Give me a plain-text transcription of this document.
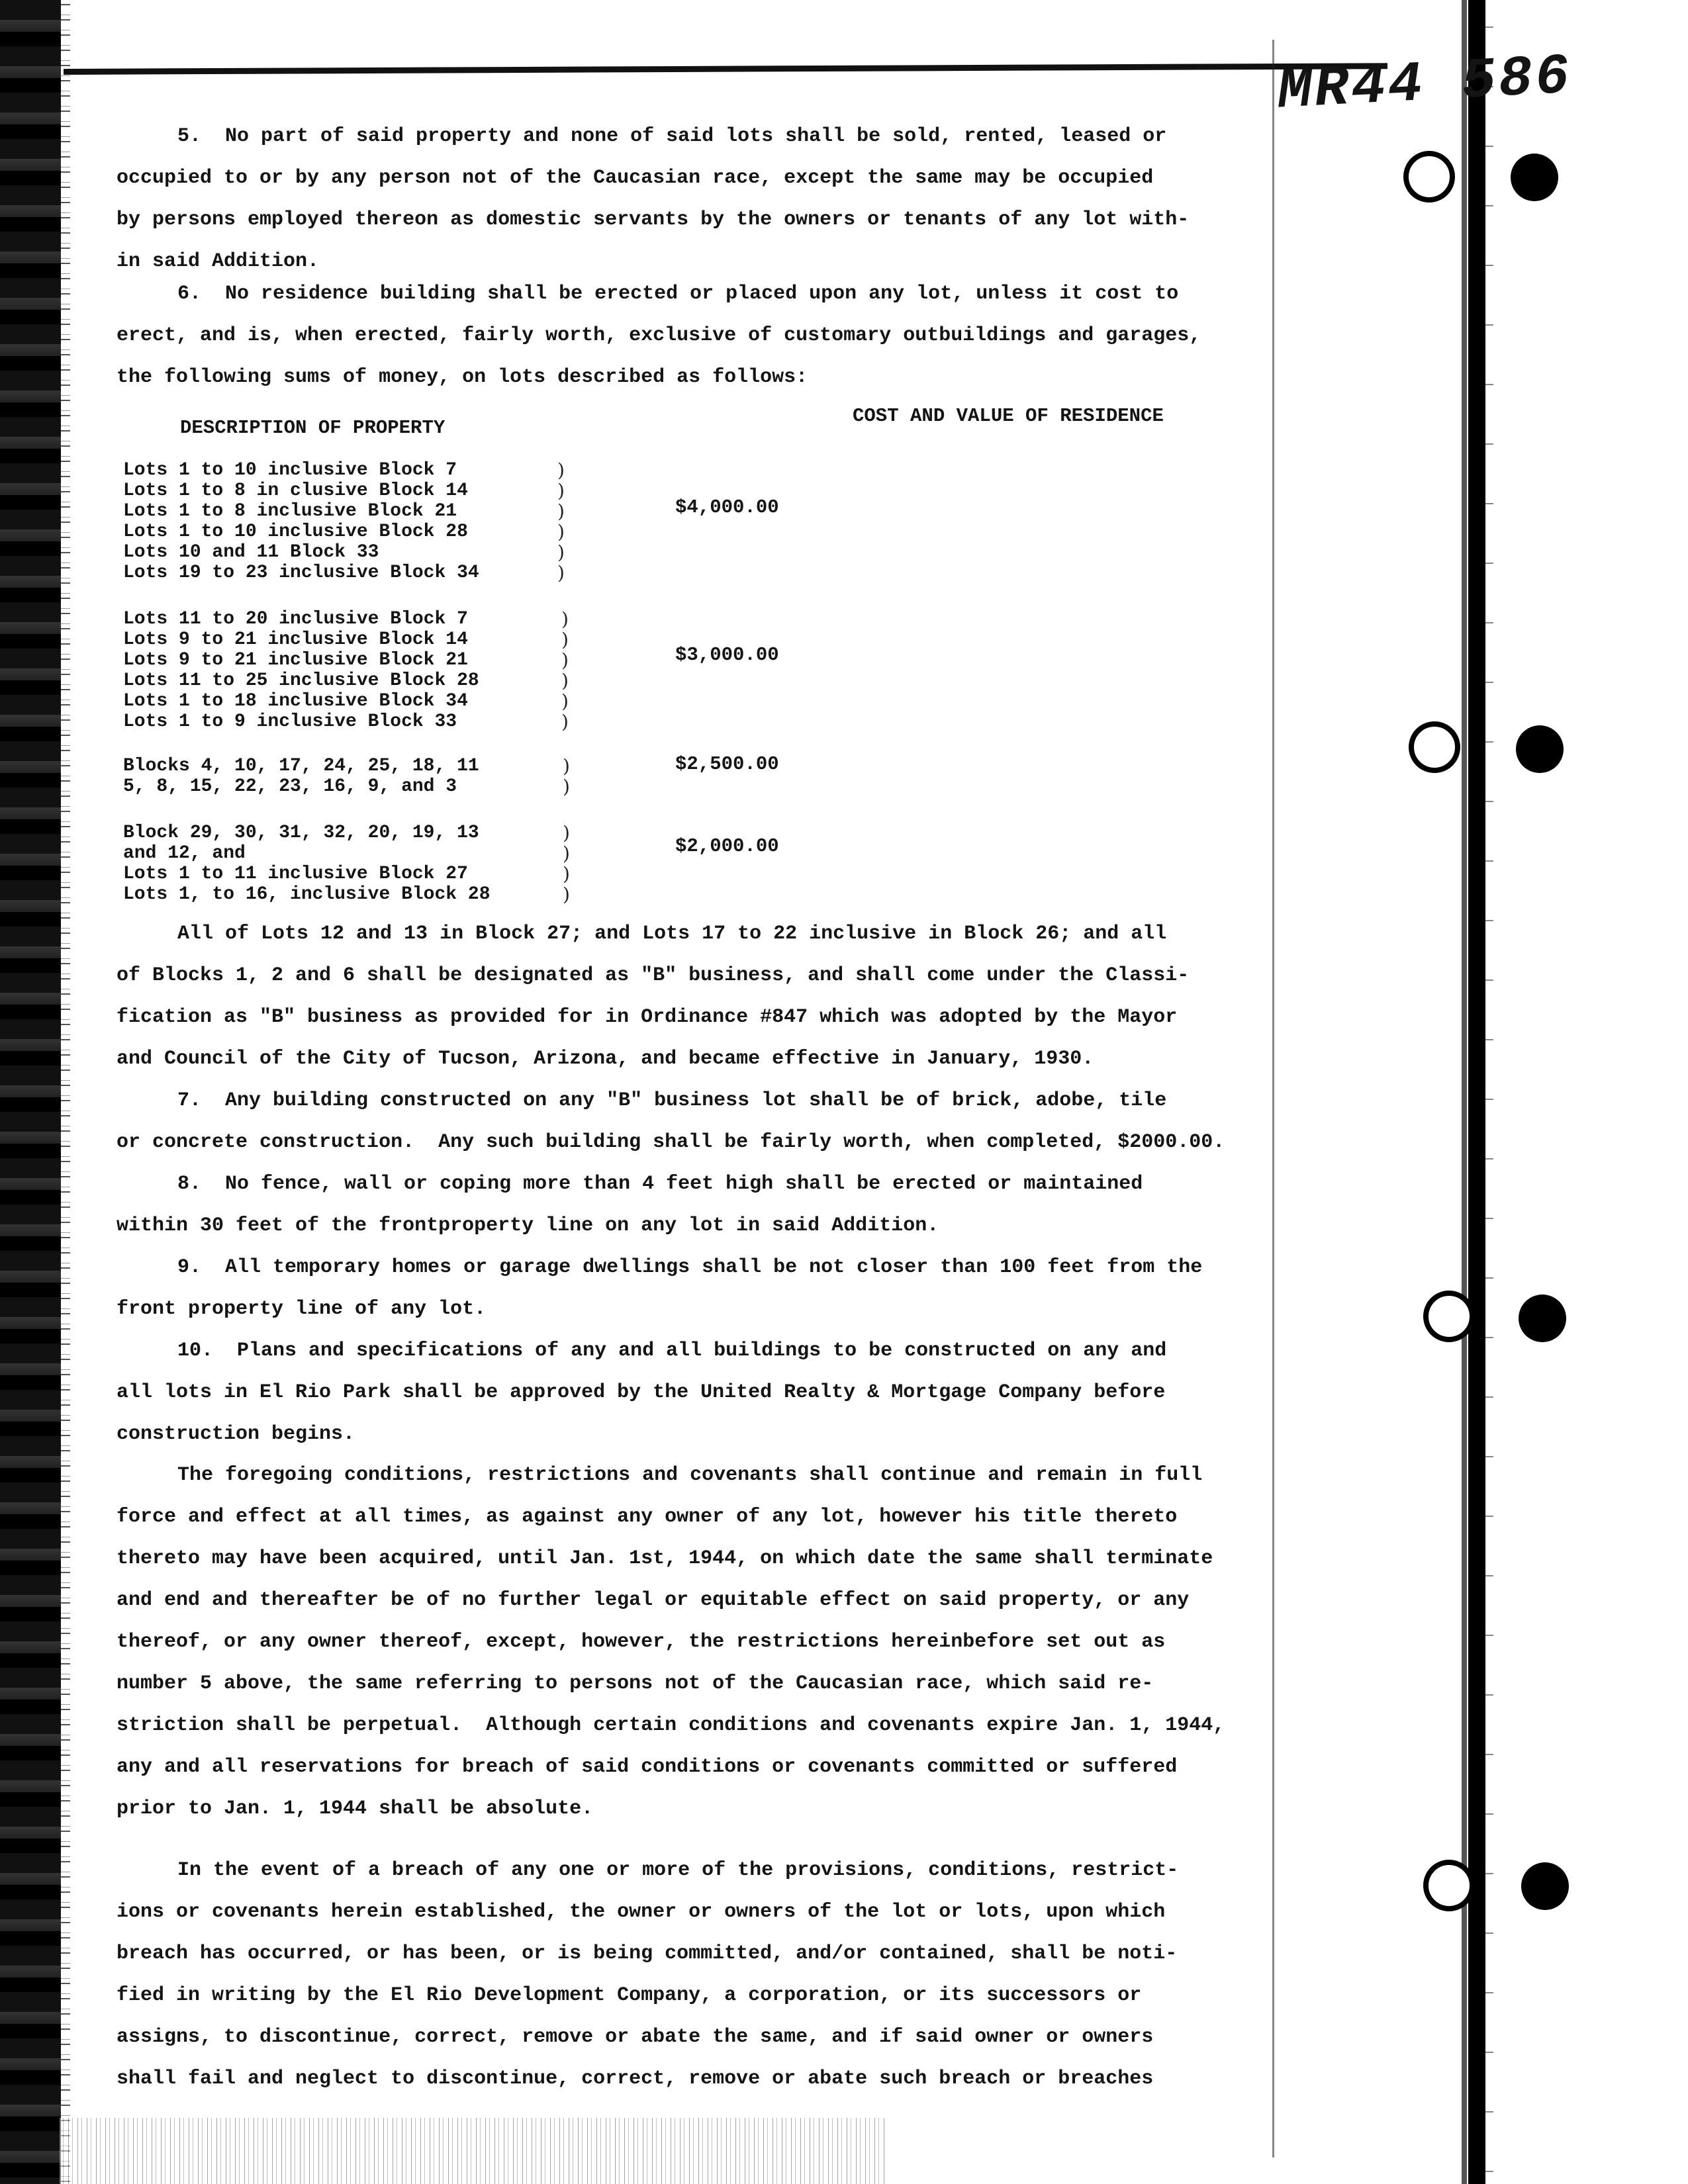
MR44 586
5.  No part of said property and none of said lots shall be sold, rented, leased or
occupied to or by any person not of the Caucasian race, except the same may be occupied
by persons employed thereon as domestic servants by the owners or tenants of any lot with-
in said Addition.
6.  No residence building shall be erected or placed upon any lot, unless it cost to
erect, and is, when erected, fairly worth, exclusive of customary outbuildings and garages,
the following sums of money, on lots described as follows:
DESCRIPTION OF PROPERTY
COST AND VALUE OF RESIDENCE
Lots 1 to 10 inclusive Block 7
Lots 1 to 8 in clusive Block 14
Lots 1 to 8 inclusive Block 21
Lots 1 to 10 inclusive Block 28
Lots 10 and 11 Block 33
Lots 19 to 23 inclusive Block 34
)
)
)
)
)
)
$4,000.00
Lots 11 to 20 inclusive Block 7
Lots 9 to 21 inclusive Block 14
Lots 9 to 21 inclusive Block 21
Lots 11 to 25 inclusive Block 28
Lots 1 to 18 inclusive Block 34
Lots 1 to 9 inclusive Block 33
)
)
)
)
)
)
$3,000.00
Blocks 4, 10, 17, 24, 25, 18, 11
5, 8, 15, 22, 23, 16, 9, and 3
)
)
$2,500.00
Block 29, 30, 31, 32, 20, 19, 13
and 12, and
Lots 1 to 11 inclusive Block 27
Lots 1, to 16, inclusive Block 28
)
)
)
)
$2,000.00
All of Lots 12 and 13 in Block 27; and Lots 17 to 22 inclusive in Block 26; and all
of Blocks 1, 2 and 6 shall be designated as "B" business, and shall come under the Classi-
fication as "B" business as provided for in Ordinance #847 which was adopted by the Mayor
and Council of the City of Tucson, Arizona, and became effective in January, 1930.
7.  Any building constructed on any "B" business lot shall be of brick, adobe, tile
or concrete construction.  Any such building shall be fairly worth, when completed, $2000.00.
8.  No fence, wall or coping more than 4 feet high shall be erected or maintained
within 30 feet of the frontproperty line on any lot in said Addition.
9.  All temporary homes or garage dwellings shall be not closer than 100 feet from the
front property line of any lot.
10.  Plans and specifications of any and all buildings to be constructed on any and
all lots in El Rio Park shall be approved by the United Realty & Mortgage Company before
construction begins.
The foregoing conditions, restrictions and covenants shall continue and remain in full
force and effect at all times, as against any owner of any lot, however his title thereto
thereto may have been acquired, until Jan. 1st, 1944, on which date the same shall terminate
and end and thereafter be of no further legal or equitable effect on said property, or any
thereof, or any owner thereof, except, however, the restrictions hereinbefore set out as
number 5 above, the same referring to persons not of the Caucasian race, which said re-
striction shall be perpetual.  Although certain conditions and covenants expire Jan. 1, 1944,
any and all reservations for breach of said conditions or covenants committed or suffered
prior to Jan. 1, 1944 shall be absolute.
In the event of a breach of any one or more of the provisions, conditions, restrict-
ions or covenants herein established, the owner or owners of the lot or lots, upon which
breach has occurred, or has been, or is being committed, and/or contained, shall be noti-
fied in writing by the El Rio Development Company, a corporation, or its successors or
assigns, to discontinue, correct, remove or abate the same, and if said owner or owners
shall fail and neglect to discontinue, correct, remove or abate such breach or breaches
